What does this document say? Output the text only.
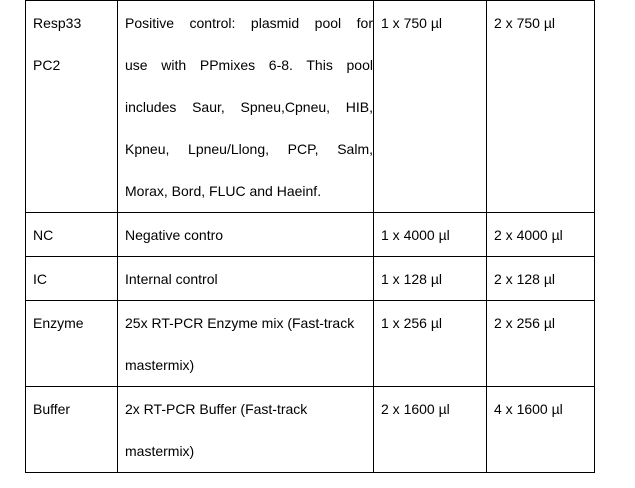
Resp33
PC2	Positive control: plasmid pool for
use with PPmixes 6-8. This pool
includes Saur, Spneu,Cpneu, HIB,
Kpneu, Lpneu/Llong, PCP, Salm,
Morax, Bord, FLUC and Haeinf.	1 x 750 µl	2 x 750 µl

NC	Negative contro	1 x 4000 µl	2 x 4000 µl

IC	Internal control	1 x 128 µl	2 x 128 µl

Enzyme	25x RT-PCR Enzyme mix (Fast-track
mastermix)	1 x 256 µl	2 x 256 µl

Buffer	2x RT-PCR Buffer (Fast-track
mastermix)	2 x 1600 µl	4 x 1600 µl
